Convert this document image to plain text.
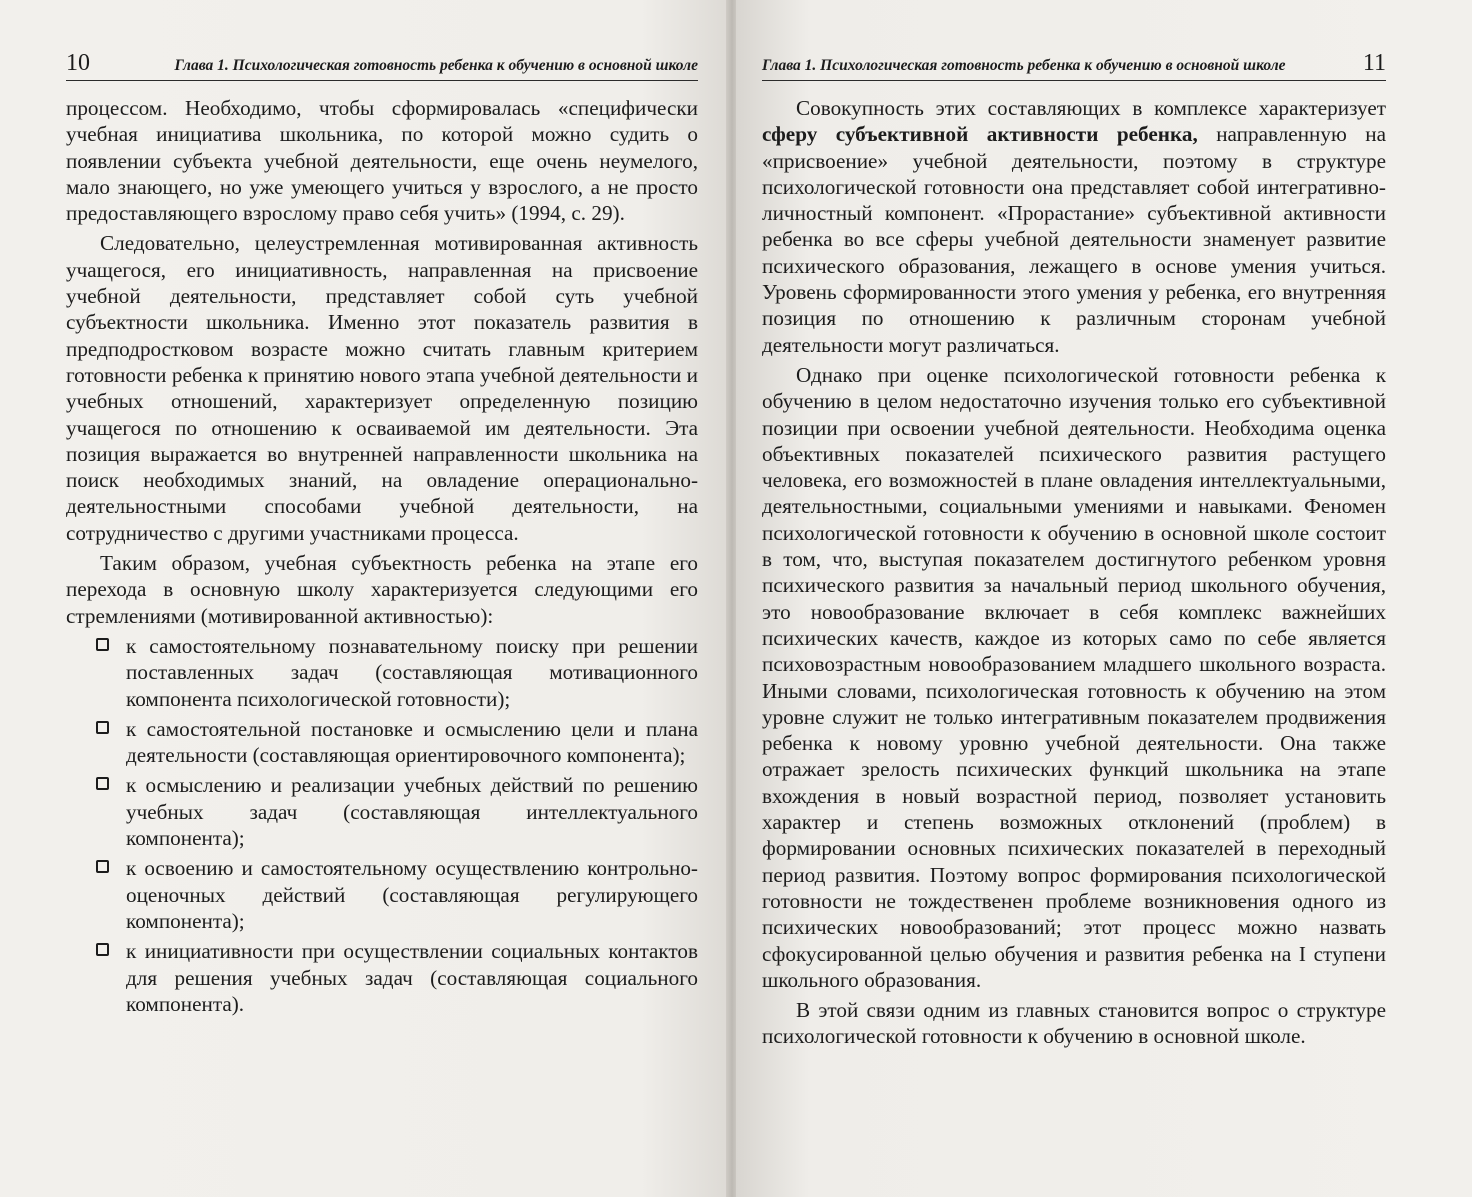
10	Глава 1. Психологическая готовность ребенка к обучению в основной школе

процессом. Необходимо, чтобы сформировалась «специфически учебная инициатива школьника, по которой можно судить о появлении субъекта учебной деятельности, еще очень неумелого, мало знающего, но уже умеющего учиться у взрослого, а не просто предоставляющего взрослому право себя учить» (1994, с. 29).

Следовательно, целеустремленная мотивированная активность учащегося, его инициативность, направленная на присвоение учебной деятельности, представляет собой суть учебной субъектности школьника. Именно этот показатель развития в предподростковом возрасте можно считать главным критерием готовности ребенка к принятию нового этапа учебной деятельности и учебных отношений, характеризует определенную позицию учащегося по отношению к осваиваемой им деятельности. Эта позиция выражается во внутренней направленности школьника на поиск необходимых знаний, на овладение операционально-деятельностными способами учебной деятельности, на сотрудничество с другими участниками процесса.

Таким образом, учебная субъектность ребенка на этапе его перехода в основную школу характеризуется следующими его стремлениями (мотивированной активностью):

к самостоятельному познавательному поиску при решении поставленных задач (составляющая мотивационного компонента психологической готовности);
к самостоятельной постановке и осмыслению цели и плана деятельности (составляющая ориентировочного компонента);
к осмыслению и реализации учебных действий по решению учебных задач (составляющая интеллектуального компонента);
к освоению и самостоятельному осуществлению контрольно-оценочных действий (составляющая регулирующего компонента);
к инициативности при осуществлении социальных контактов для решения учебных задач (составляющая социального компонента).
Глава 1. Психологическая готовность ребенка к обучению в основной школе	11

Совокупность этих составляющих в комплексе характеризует сферу субъективной активности ребенка, направленную на «присвоение» учебной деятельности, поэтому в структуре психологической готовности она представляет собой интегративно-личностный компонент. «Прорастание» субъективной активности ребенка во все сферы учебной деятельности знаменует развитие психического образования, лежащего в основе умения учиться. Уровень сформированности этого умения у ребенка, его внутренняя позиция по отношению к различным сторонам учебной деятельности могут различаться.

Однако при оценке психологической готовности ребенка к обучению в целом недостаточно изучения только его субъективной позиции при освоении учебной деятельности. Необходима оценка объективных показателей психического развития растущего человека, его возможностей в плане овладения интеллектуальными, деятельностными, социальными умениями и навыками. Феномен психологической готовности к обучению в основной школе состоит в том, что, выступая показателем достигнутого ребенком уровня психического развития за начальный период школьного обучения, это новообразование включает в себя комплекс важнейших психических качеств, каждое из которых само по себе является психовозрастным новообразованием младшего школьного возраста. Иными словами, психологическая готовность к обучению на этом уровне служит не только интегративным показателем продвижения ребенка к новому уровню учебной деятельности. Она также отражает зрелость психических функций школьника на этапе вхождения в новый возрастной период, позволяет установить характер и степень возможных отклонений (проблем) в формировании основных психических показателей в переходный период развития. Поэтому вопрос формирования психологической готовности не тождественен проблеме возникновения одного из психических новообразований; этот процесс можно назвать сфокусированной целью обучения и развития ребенка на I ступени школьного образования.

В этой связи одним из главных становится вопрос о структуре психологической готовности к обучению в основной школе.
